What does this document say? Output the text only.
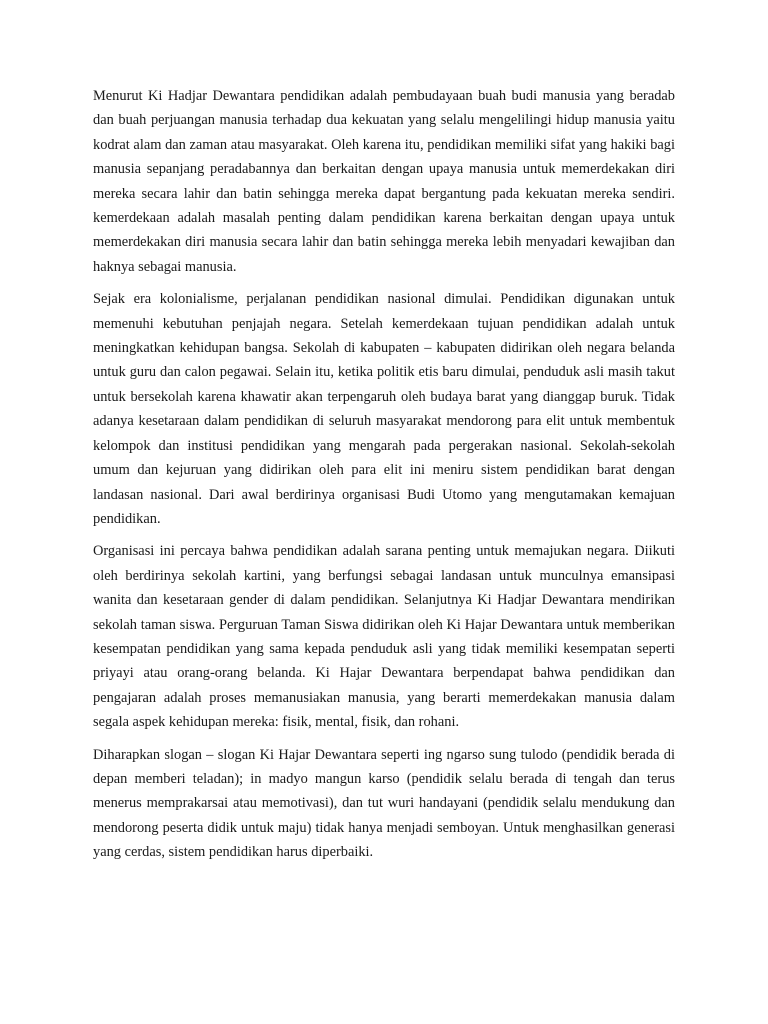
Menurut Ki Hadjar Dewantara pendidikan adalah pembudayaan buah budi manusia yang beradab dan buah perjuangan manusia terhadap dua kekuatan yang selalu mengelilingi hidup manusia yaitu kodrat alam dan zaman atau masyarakat. Oleh karena itu, pendidikan memiliki sifat yang hakiki bagi manusia sepanjang peradabannya dan berkaitan dengan upaya manusia untuk memerdekakan diri mereka secara lahir dan batin sehingga mereka dapat bergantung pada kekuatan mereka sendiri. kemerdekaan adalah masalah penting dalam pendidikan karena berkaitan dengan upaya untuk memerdekakan diri manusia secara lahir dan batin sehingga mereka lebih menyadari kewajiban dan haknya sebagai manusia.

Sejak era kolonialisme, perjalanan pendidikan nasional dimulai. Pendidikan digunakan untuk memenuhi kebutuhan penjajah negara. Setelah kemerdekaan tujuan pendidikan adalah untuk meningkatkan kehidupan bangsa. Sekolah di kabupaten – kabupaten didirikan oleh negara belanda untuk guru dan calon pegawai. Selain itu, ketika politik etis baru dimulai, penduduk asli masih takut untuk bersekolah karena khawatir akan terpengaruh oleh budaya barat yang dianggap buruk. Tidak adanya kesetaraan dalam pendidikan di seluruh masyarakat mendorong para elit untuk membentuk kelompok dan institusi pendidikan yang mengarah pada pergerakan nasional. Sekolah-sekolah umum dan kejuruan yang didirikan oleh para elit ini meniru sistem pendidikan barat dengan landasan nasional. Dari awal berdirinya organisasi Budi Utomo yang mengutamakan kemajuan pendidikan.

Organisasi ini percaya bahwa pendidikan adalah sarana penting untuk memajukan negara. Diikuti oleh berdirinya sekolah kartini, yang berfungsi sebagai landasan untuk munculnya emansipasi wanita dan kesetaraan gender di dalam pendidikan. Selanjutnya Ki Hadjar Dewantara mendirikan sekolah taman siswa. Perguruan Taman Siswa didirikan oleh Ki Hajar Dewantara untuk memberikan kesempatan pendidikan yang sama kepada penduduk asli yang tidak memiliki kesempatan seperti priyayi atau orang-orang belanda. Ki Hajar Dewantara berpendapat bahwa pendidikan dan pengajaran adalah proses memanusiakan manusia, yang berarti memerdekakan manusia dalam segala aspek kehidupan mereka: fisik, mental, fisik, dan rohani.

Diharapkan slogan – slogan Ki Hajar Dewantara seperti ing ngarso sung tulodo (pendidik berada di depan memberi teladan); in madyo mangun karso (pendidik selalu berada di tengah dan terus menerus memprakarsai atau memotivasi), dan tut wuri handayani (pendidik selalu mendukung dan mendorong peserta didik untuk maju) tidak hanya menjadi semboyan. Untuk menghasilkan generasi yang cerdas, sistem pendidikan harus diperbaiki.
